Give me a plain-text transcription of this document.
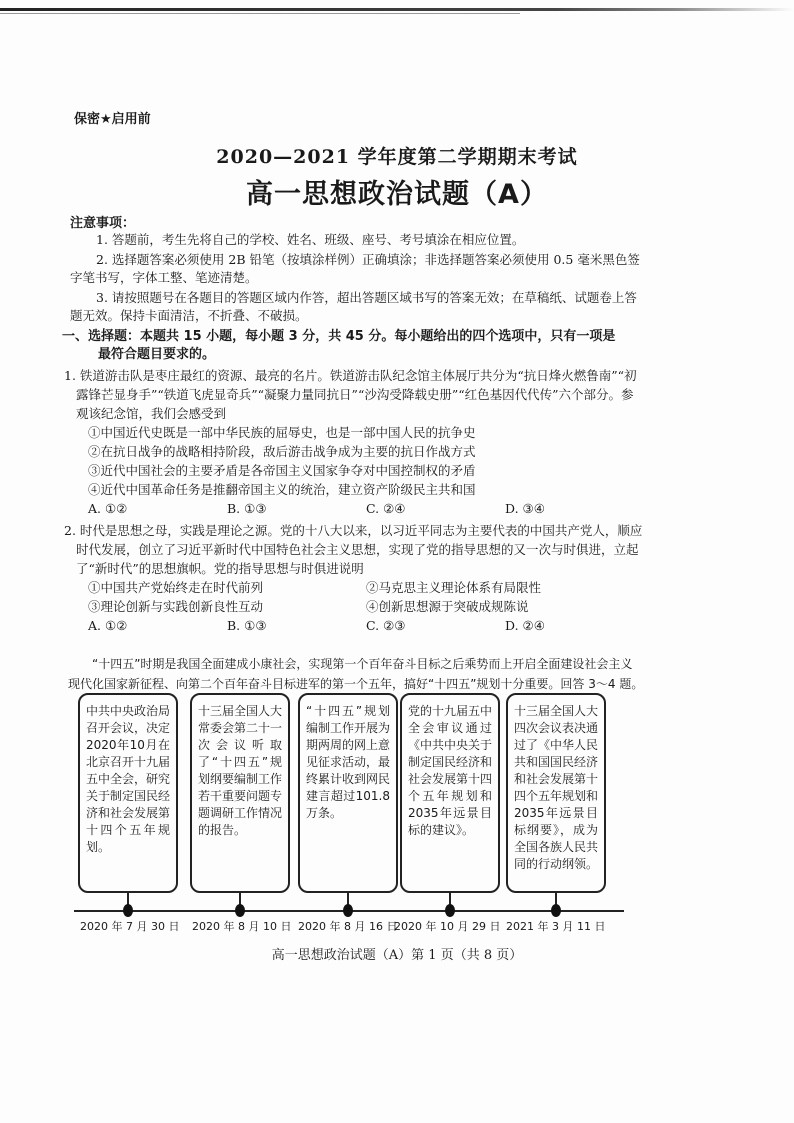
保密★启用前
2020—2021 学年度第二学期期末考试
高一思想政治试题（A）
注意事项：
1. 答题前，考生先将自己的学校、姓名、班级、座号、考号填涂在相应位置。
2. 选择题答案必须使用 2B 铅笔（按填涂样例）正确填涂；非选择题答案必须使用 0.5 毫米黑色签字笔书写，字体工整、笔迹清楚。
3. 请按照题号在各题目的答题区域内作答，超出答题区域书写的答案无效；在草稿纸、试题卷上答题无效。保持卡面清洁，不折叠、不破损。
一、选择题：本题共 15 小题，每小题 3 分，共 45 分。每小题给出的四个选项中，只有一项是
最符合题目要求的。
1. 铁道游击队是枣庄最红的资源、最亮的名片。铁道游击队纪念馆主体展厅共分为“抗日烽火燃鲁南”“初露锋芒显身手”“铁道飞虎显奇兵”“凝聚力量同抗日”“沙沟受降载史册”“红色基因代代传”六个部分。参观该纪念馆，我们会感受到
①中国近代史既是一部中华民族的屈辱史，也是一部中国人民的抗争史
②在抗日战争的战略相持阶段，敌后游击战争成为主要的抗日作战方式
③近代中国社会的主要矛盾是各帝国主义国家争夺对中国控制权的矛盾
④近代中国革命任务是推翻帝国主义的统治，建立资产阶级民主共和国
A. ①②	B. ①③	C. ②④	D. ③④
2. 时代是思想之母，实践是理论之源。党的十八大以来，以习近平同志为主要代表的中国共产党人，顺应时代发展，创立了习近平新时代中国特色社会主义思想，实现了党的指导思想的又一次与时俱进，立起了“新时代”的思想旗帜。党的指导思想与时俱进说明
①中国共产党始终走在时代前列	②马克思主义理论体系有局限性
③理论创新与实践创新良性互动	④创新思想源于突破成规陈说
A. ①②	B. ①③	C. ②③	D. ②④
“十四五”时期是我国全面建成小康社会，实现第一个百年奋斗目标之后乘势而上开启全面建设社会主义现代化国家新征程、向第二个百年奋斗目标进军的第一个五年，搞好“十四五”规划十分重要。回答 3～4 题。
中共中央政治局召开会议，决定2020年10月在北京召开十九届五中全会，研究关于制定国民经济和社会发展第十四个五年规划。
十三届全国人大常委会第二十一次会议听取了“十四五”规划纲要编制工作若干重要问题专题调研工作情况的报告。
“十四五”规划编制工作开展为期两周的网上意见征求活动，最终累计收到网民建言超过101.8万条。
党的十九届五中全会审议通过《中共中央关于制定国民经济和社会发展第十四个五年规划和2035年远景目标的建议》。
十三届全国人大四次会议表决通过了《中华人民共和国国民经济和社会发展第十四个五年规划和2035年远景目标纲要》，成为全国各族人民共同的行动纲领。
2020 年 7 月 30 日 2020 年 8 月 10 日 2020 年 8 月 16 日
2020 年 10 月 29 日 2021 年 3 月 11 日
高一思想政治试题（A）第 1 页（共 8 页）
